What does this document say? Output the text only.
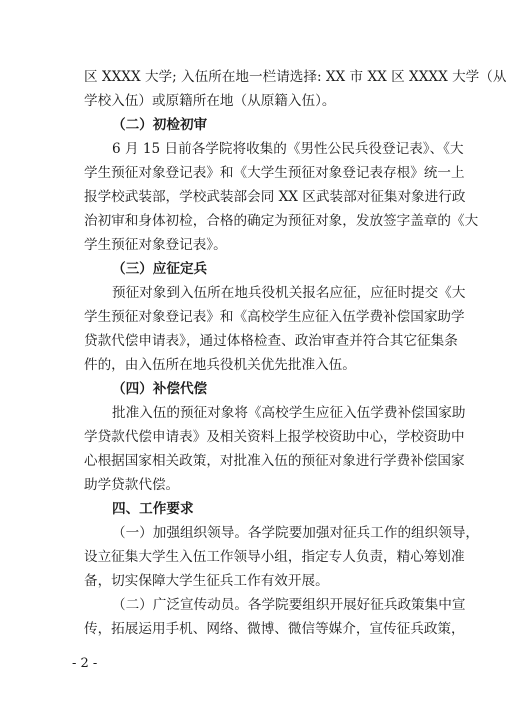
区 XXXX 大学; 入伍所在地一栏请选择: XX 市 XX 区 XXXX 大学（从
学校入伍）或原籍所在地（从原籍入伍）。
（二）初检初审
6 月 15 日前各学院将收集的《男性公民兵役登记表》、《大
学生预征对象登记表》和《大学生预征对象登记表存根》统一上
报学校武装部，学校武装部会同 XX 区武装部对征集对象进行政
治初审和身体初检，合格的确定为预征对象，发放签字盖章的《大
学生预征对象登记表》。
（三）应征定兵
预征对象到入伍所在地兵役机关报名应征，应征时提交《大
学生预征对象登记表》和《高校学生应征入伍学费补偿国家助学
贷款代偿申请表》，通过体格检查、政治审查并符合其它征集条
件的，由入伍所在地兵役机关优先批准入伍。
（四）补偿代偿
批准入伍的预征对象将《高校学生应征入伍学费补偿国家助
学贷款代偿申请表》及相关资料上报学校资助中心，学校资助中
心根据国家相关政策，对批准入伍的预征对象进行学费补偿国家
助学贷款代偿。
四、工作要求
（一）加强组织领导。各学院要加强对征兵工作的组织领导，
设立征集大学生入伍工作领导小组，指定专人负责，精心筹划准
备，切实保障大学生征兵工作有效开展。
（二）广泛宣传动员。各学院要组织开展好征兵政策集中宣
传，拓展运用手机、网络、微博、微信等媒介，宣传征兵政策，
- 2 -
